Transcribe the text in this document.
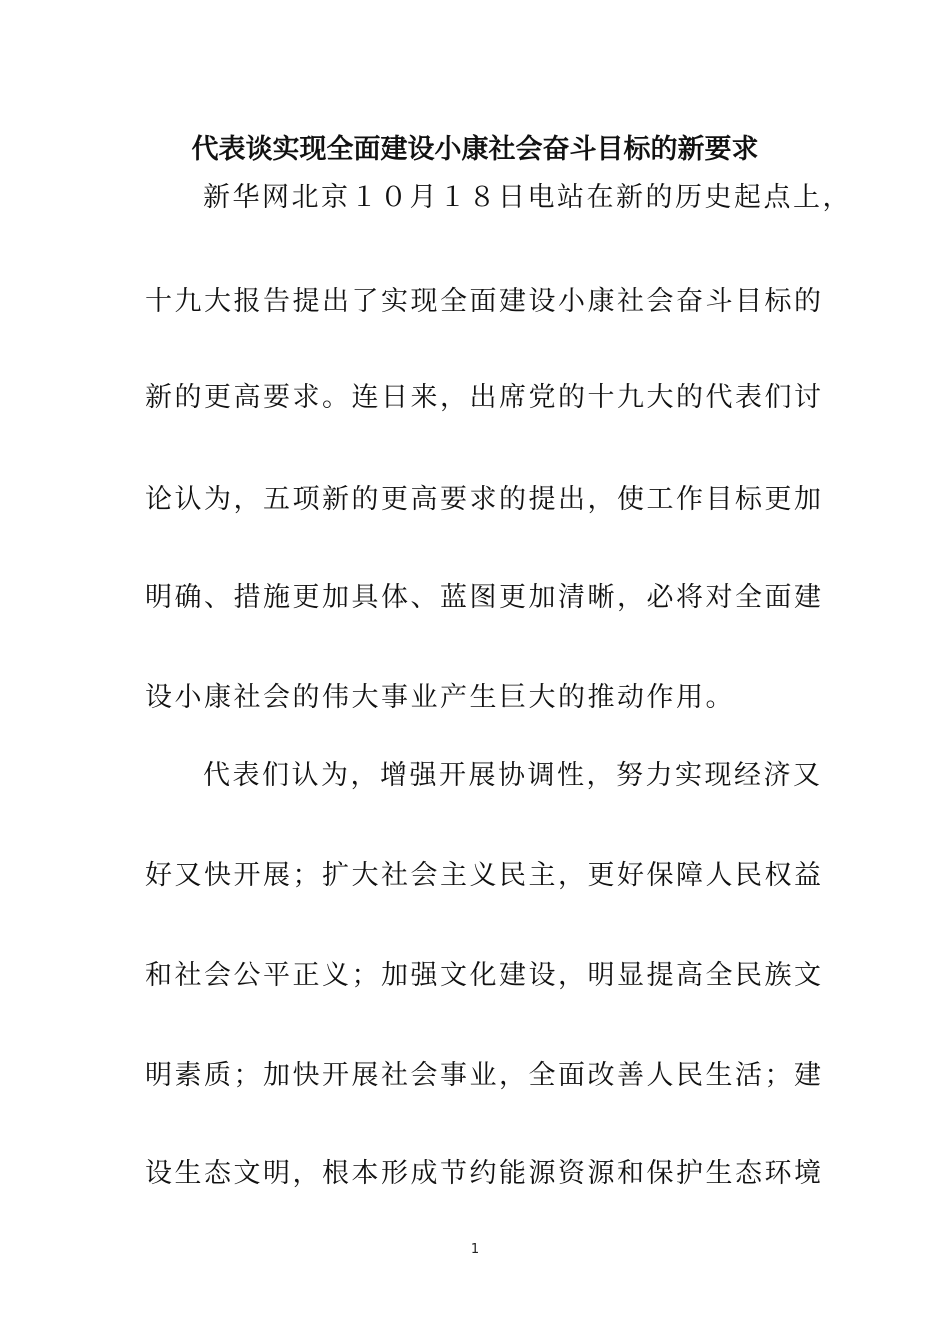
代表谈实现全面建设小康社会奋斗目标的新要求
新华网北京１０月１８日电站在新的历史起点上，
十九大报告提出了实现全面建设小康社会奋斗目标的
新的更高要求。连日来，出席党的十九大的代表们讨
论认为，五项新的更高要求的提出，使工作目标更加
明确、措施更加具体、蓝图更加清晰，必将对全面建
设小康社会的伟大事业产生巨大的推动作用。
代表们认为，增强开展协调性，努力实现经济又
好又快开展；扩大社会主义民主，更好保障人民权益
和社会公平正义；加强文化建设，明显提高全民族文
明素质；加快开展社会事业，全面改善人民生活；建
设生态文明，根本形成节约能源资源和保护生态环境
1
